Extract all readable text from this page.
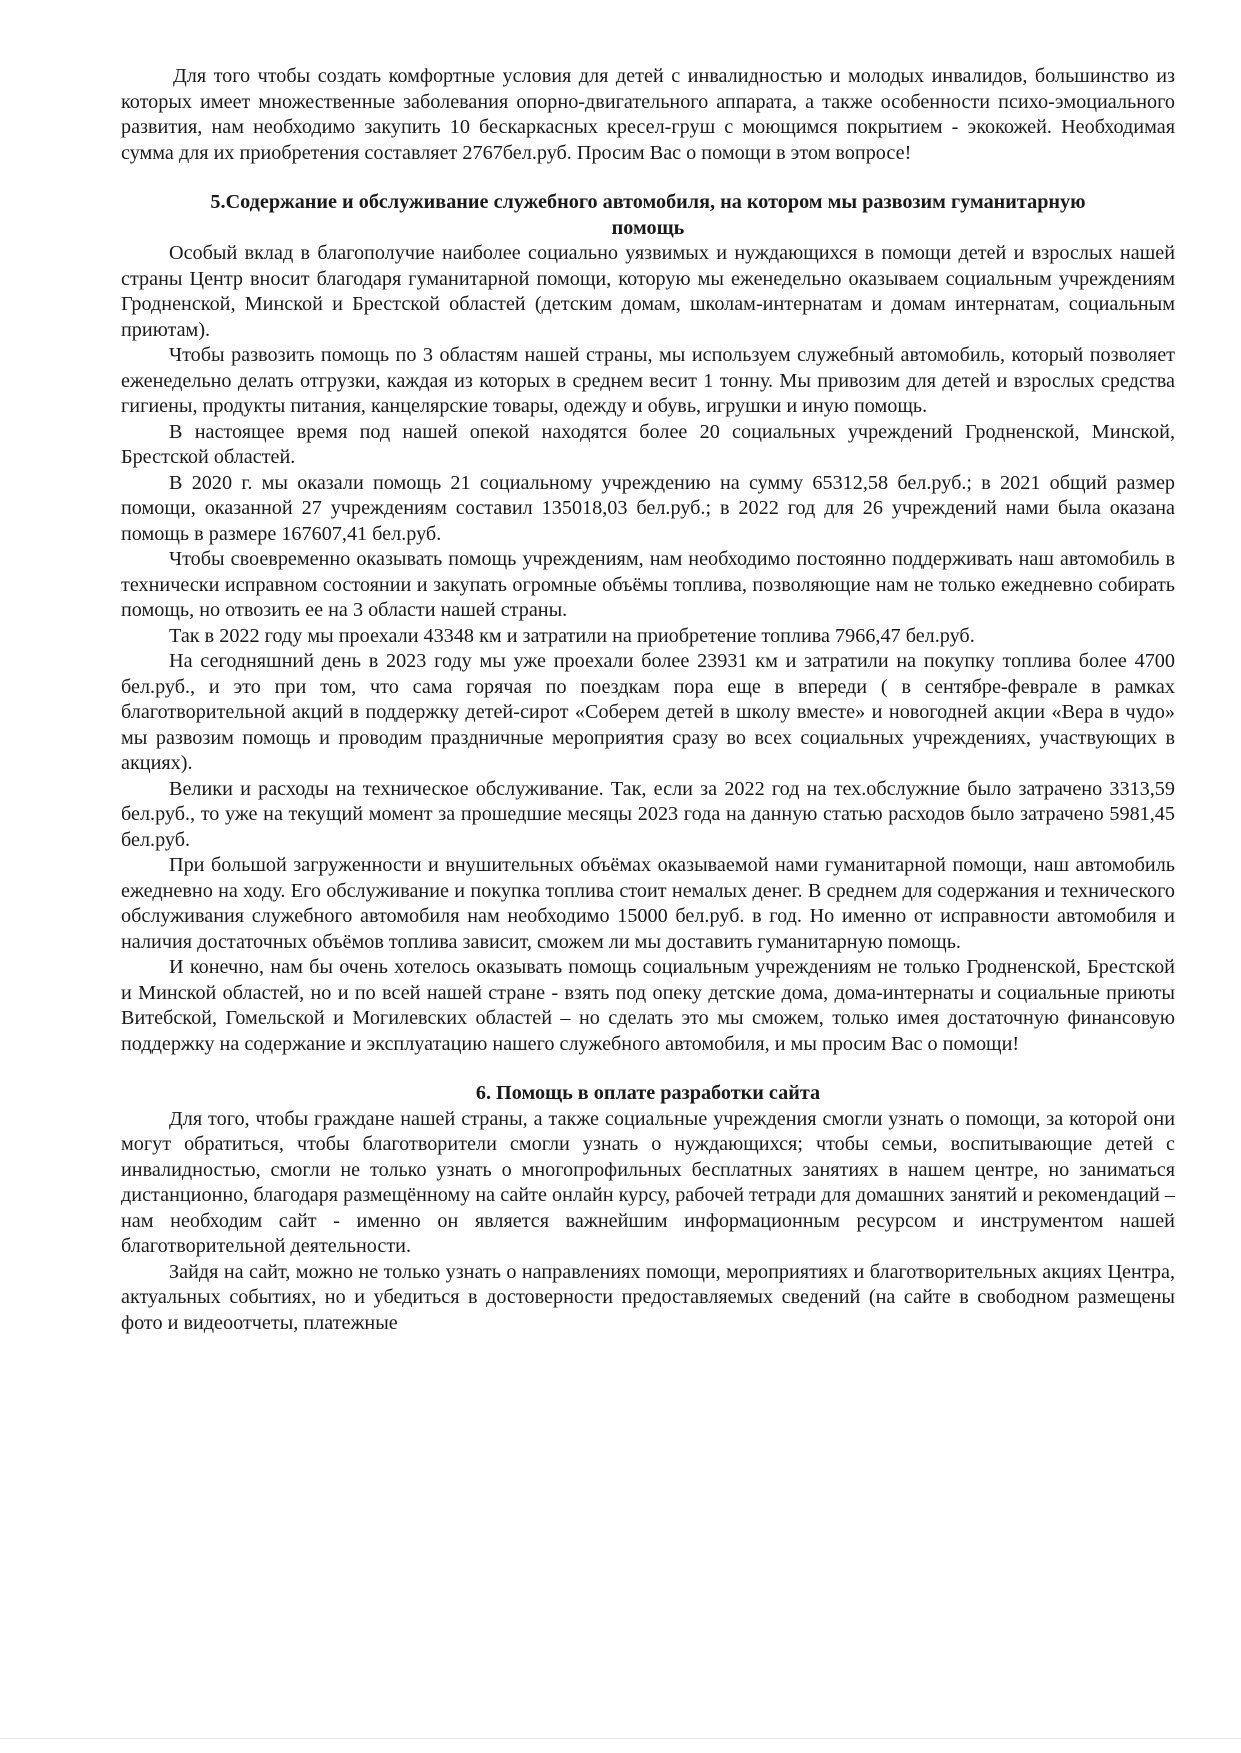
Для того чтобы создать комфортные условия для детей с инвалидностью и молодых инвалидов, большинство из которых имеет множественные заболевания опорно-двигательного аппарата, а также особенности психо-эмоциального развития, нам необходимо закупить 10 бескаркасных кресел-груш с моющимся покрытием - экокожей. Необходимая сумма для их приобретения составляет 2767бел.руб. Просим Вас о помощи в этом вопросе!

5.Содержание и обслуживание служебного автомобиля, на котором мы развозим гуманитарную помощь

Особый вклад в благополучие наиболее социально уязвимых и нуждающихся в помощи детей и взрослых нашей страны Центр вносит благодаря гуманитарной помощи, которую мы еженедельно оказываем социальным учреждениям Гродненской, Минской и Брестской областей (детским домам, школам-интернатам и домам интернатам, социальным приютам).

Чтобы развозить помощь по 3 областям нашей страны, мы используем служебный автомобиль, который позволяет еженедельно делать отгрузки, каждая из которых в среднем весит 1 тонну. Мы привозим для детей и взрослых средства гигиены, продукты питания, канцелярские товары, одежду и обувь, игрушки и иную помощь.

В настоящее время под нашей опекой находятся более 20 социальных учреждений Гродненской, Минской, Брестской областей.

В 2020 г. мы оказали помощь 21 социальному учреждению на сумму 65312,58 бел.руб.; в 2021 общий размер помощи, оказанной 27 учреждениям составил 135018,03 бел.руб.; в 2022 год для 26 учреждений нами была оказана помощь в размере 167607,41 бел.руб.

Чтобы своевременно оказывать помощь учреждениям, нам необходимо постоянно поддерживать наш автомобиль в технически исправном состоянии и закупать огромные объёмы топлива, позволяющие нам не только ежедневно собирать помощь, но отвозить ее на 3 области нашей страны.

Так в 2022 году мы проехали 43348 км и затратили на приобретение топлива 7966,47 бел.руб.

На сегодняшний день в 2023 году мы уже проехали более 23931 км и затратили на покупку топлива более 4700 бел.руб., и это при том, что сама горячая по поездкам пора еще в впереди ( в сентябре-феврале в рамках благотворительной акций в поддержку детей-сирот «Соберем детей в школу вместе» и новогодней акции «Вера в чудо» мы развозим помощь и проводим праздничные мероприятия сразу во всех социальных учреждениях, участвующих в акциях).

Велики и расходы на техническое обслуживание. Так, если за 2022 год на тех.обслужние было затрачено 3313,59 бел.руб., то уже на текущий момент за прошедшие месяцы 2023 года на данную статью расходов было затрачено 5981,45 бел.руб.

При большой загруженности и внушительных объёмах оказываемой нами гуманитарной помощи, наш автомобиль ежедневно на ходу. Его обслуживание и покупка топлива стоит немалых денег. В среднем для содержания и технического обслуживания служебного автомобиля нам необходимо 15000 бел.руб. в год. Но именно от исправности автомобиля и наличия достаточных объёмов топлива зависит, сможем ли мы доставить гуманитарную помощь.

И конечно, нам бы очень хотелось оказывать помощь социальным учреждениям не только Гродненской, Брестской и Минской областей, но и по всей нашей стране - взять под опеку детские дома, дома-интернаты и социальные приюты Витебской, Гомельской и Могилевских областей – но сделать это мы сможем, только имея достаточную финансовую поддержку на содержание и эксплуатацию нашего служебного автомобиля, и мы просим Вас о помощи!

6. Помощь в оплате разработки сайта

Для того, чтобы граждане нашей страны, а также социальные учреждения смогли узнать о помощи, за которой они могут обратиться, чтобы благотворители смогли узнать о нуждающихся; чтобы семьи, воспитывающие детей с инвалидностью, смогли не только узнать о многопрофильных бесплатных занятиях в нашем центре, но заниматься дистанционно, благодаря размещённому на сайте онлайн курсу, рабочей тетради для домашних занятий и рекомендаций – нам необходим сайт - именно он является важнейшим информационным ресурсом и инструментом нашей благотворительной деятельности.

Зайдя на сайт, можно не только узнать о направлениях помощи, мероприятиях и благотворительных акциях Центра, актуальных событиях, но и убедиться в достоверности предоставляемых сведений (на сайте в свободном размещены фото и видеоотчеты, платежные
